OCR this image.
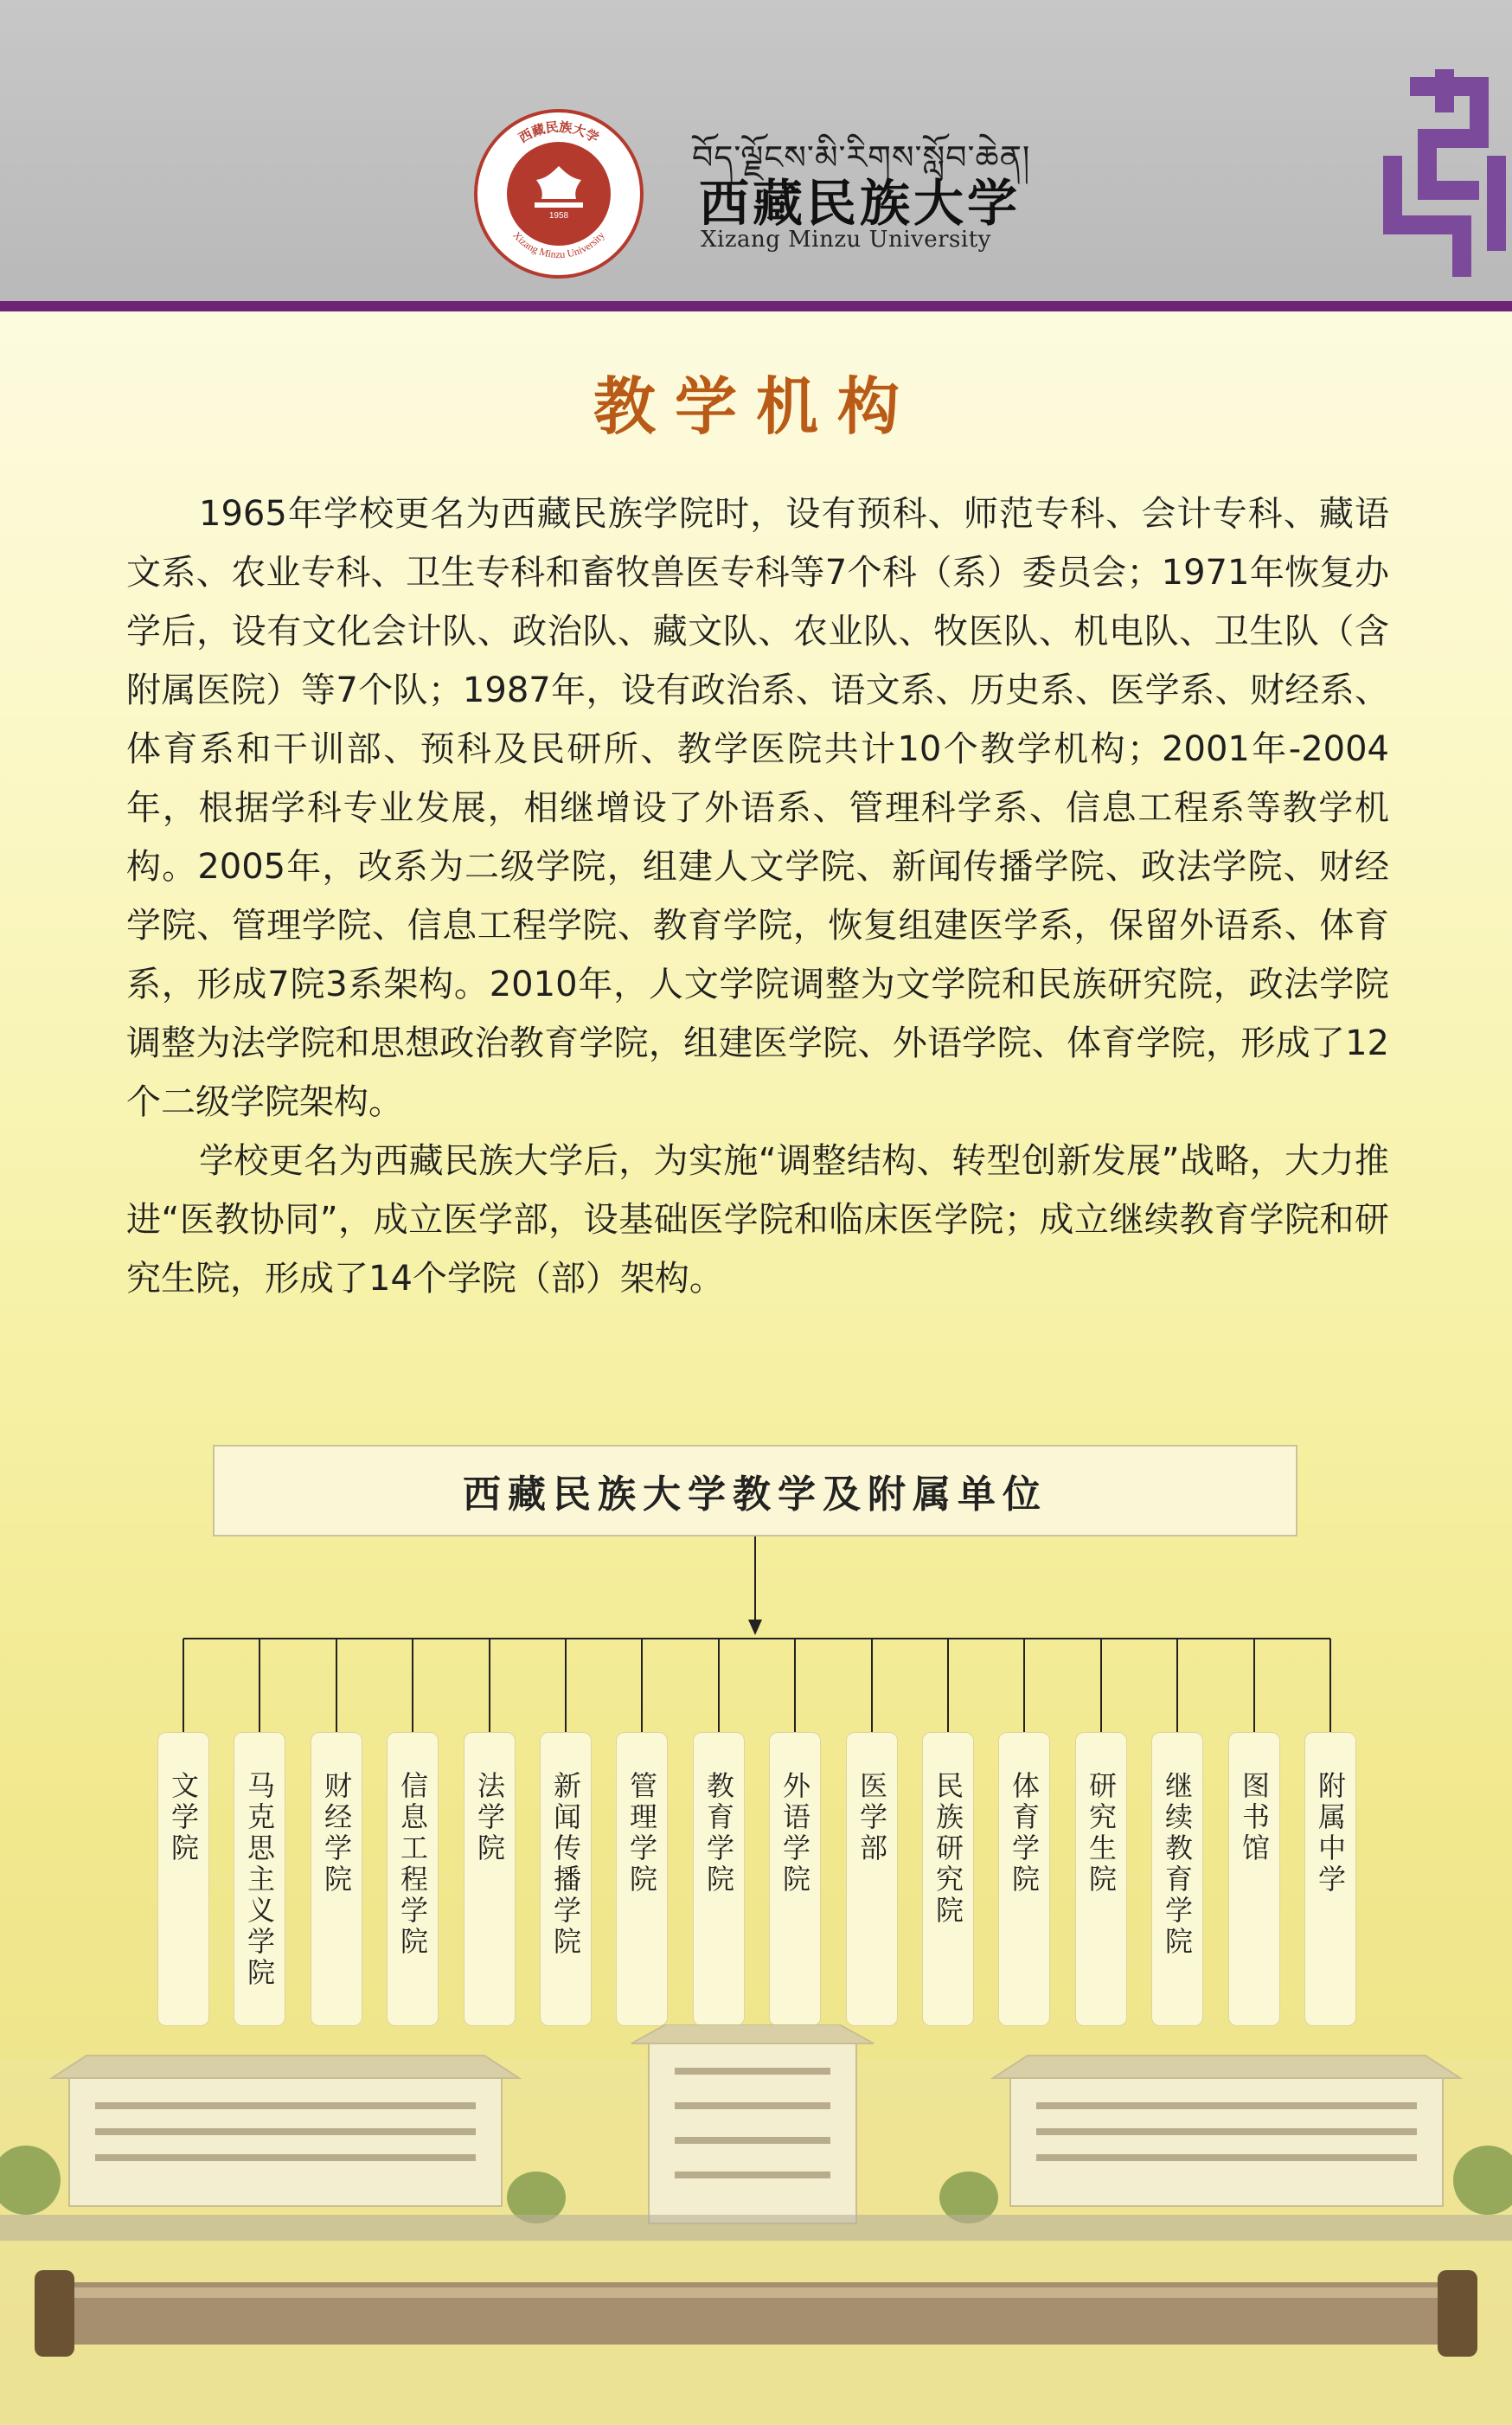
西藏民族大学
Xizang Minzu University
1958
བོད་ལྗོངས་མི་རིགས་སློབ་ཆེན།
西藏民族大学
Xizang Minzu University
教学机构

1965年学校更名为西藏民族学院时，设有预科、师范专科、会计专科、藏语文系、农业专科、卫生专科和畜牧兽医专科等7个科（系）委员会；1971年恢复办学后，设有文化会计队、政治队、藏文队、农业队、牧医队、机电队、卫生队（含附属医院）等7个队；1987年，设有政治系、语文系、历史系、医学系、财经系、体育系和干训部、预科及民研所、教学医院共计10个教学机构；2001年-2004年，根据学科专业发展，相继增设了外语系、管理科学系、信息工程系等教学机构。2005年，改系为二级学院，组建人文学院、新闻传播学院、政法学院、财经学院、管理学院、信息工程学院、教育学院，恢复组建医学系，保留外语系、体育系，形成7院3系架构。2010年，人文学院调整为文学院和民族研究院，政法学院调整为法学院和思想政治教育学院，组建医学院、外语学院、体育学院，形成了12个二级学院架构。

学校更名为西藏民族大学后，为实施“调整结构、转型创新发展”战略，大力推进“医教协同”，成立医学部，设基础医学院和临床医学院；成立继续教育学院和研究生院，形成了14个学院（部）架构。

西藏民族大学教学及附属单位
文学院 马克思主义学院 财经学院 信息工程学院 法学院 新闻传播学院 管理学院 教育学院 外语学院 医学部 民族研究院 体育学院 研究生院 继续教育学院 图书馆 附属中学
